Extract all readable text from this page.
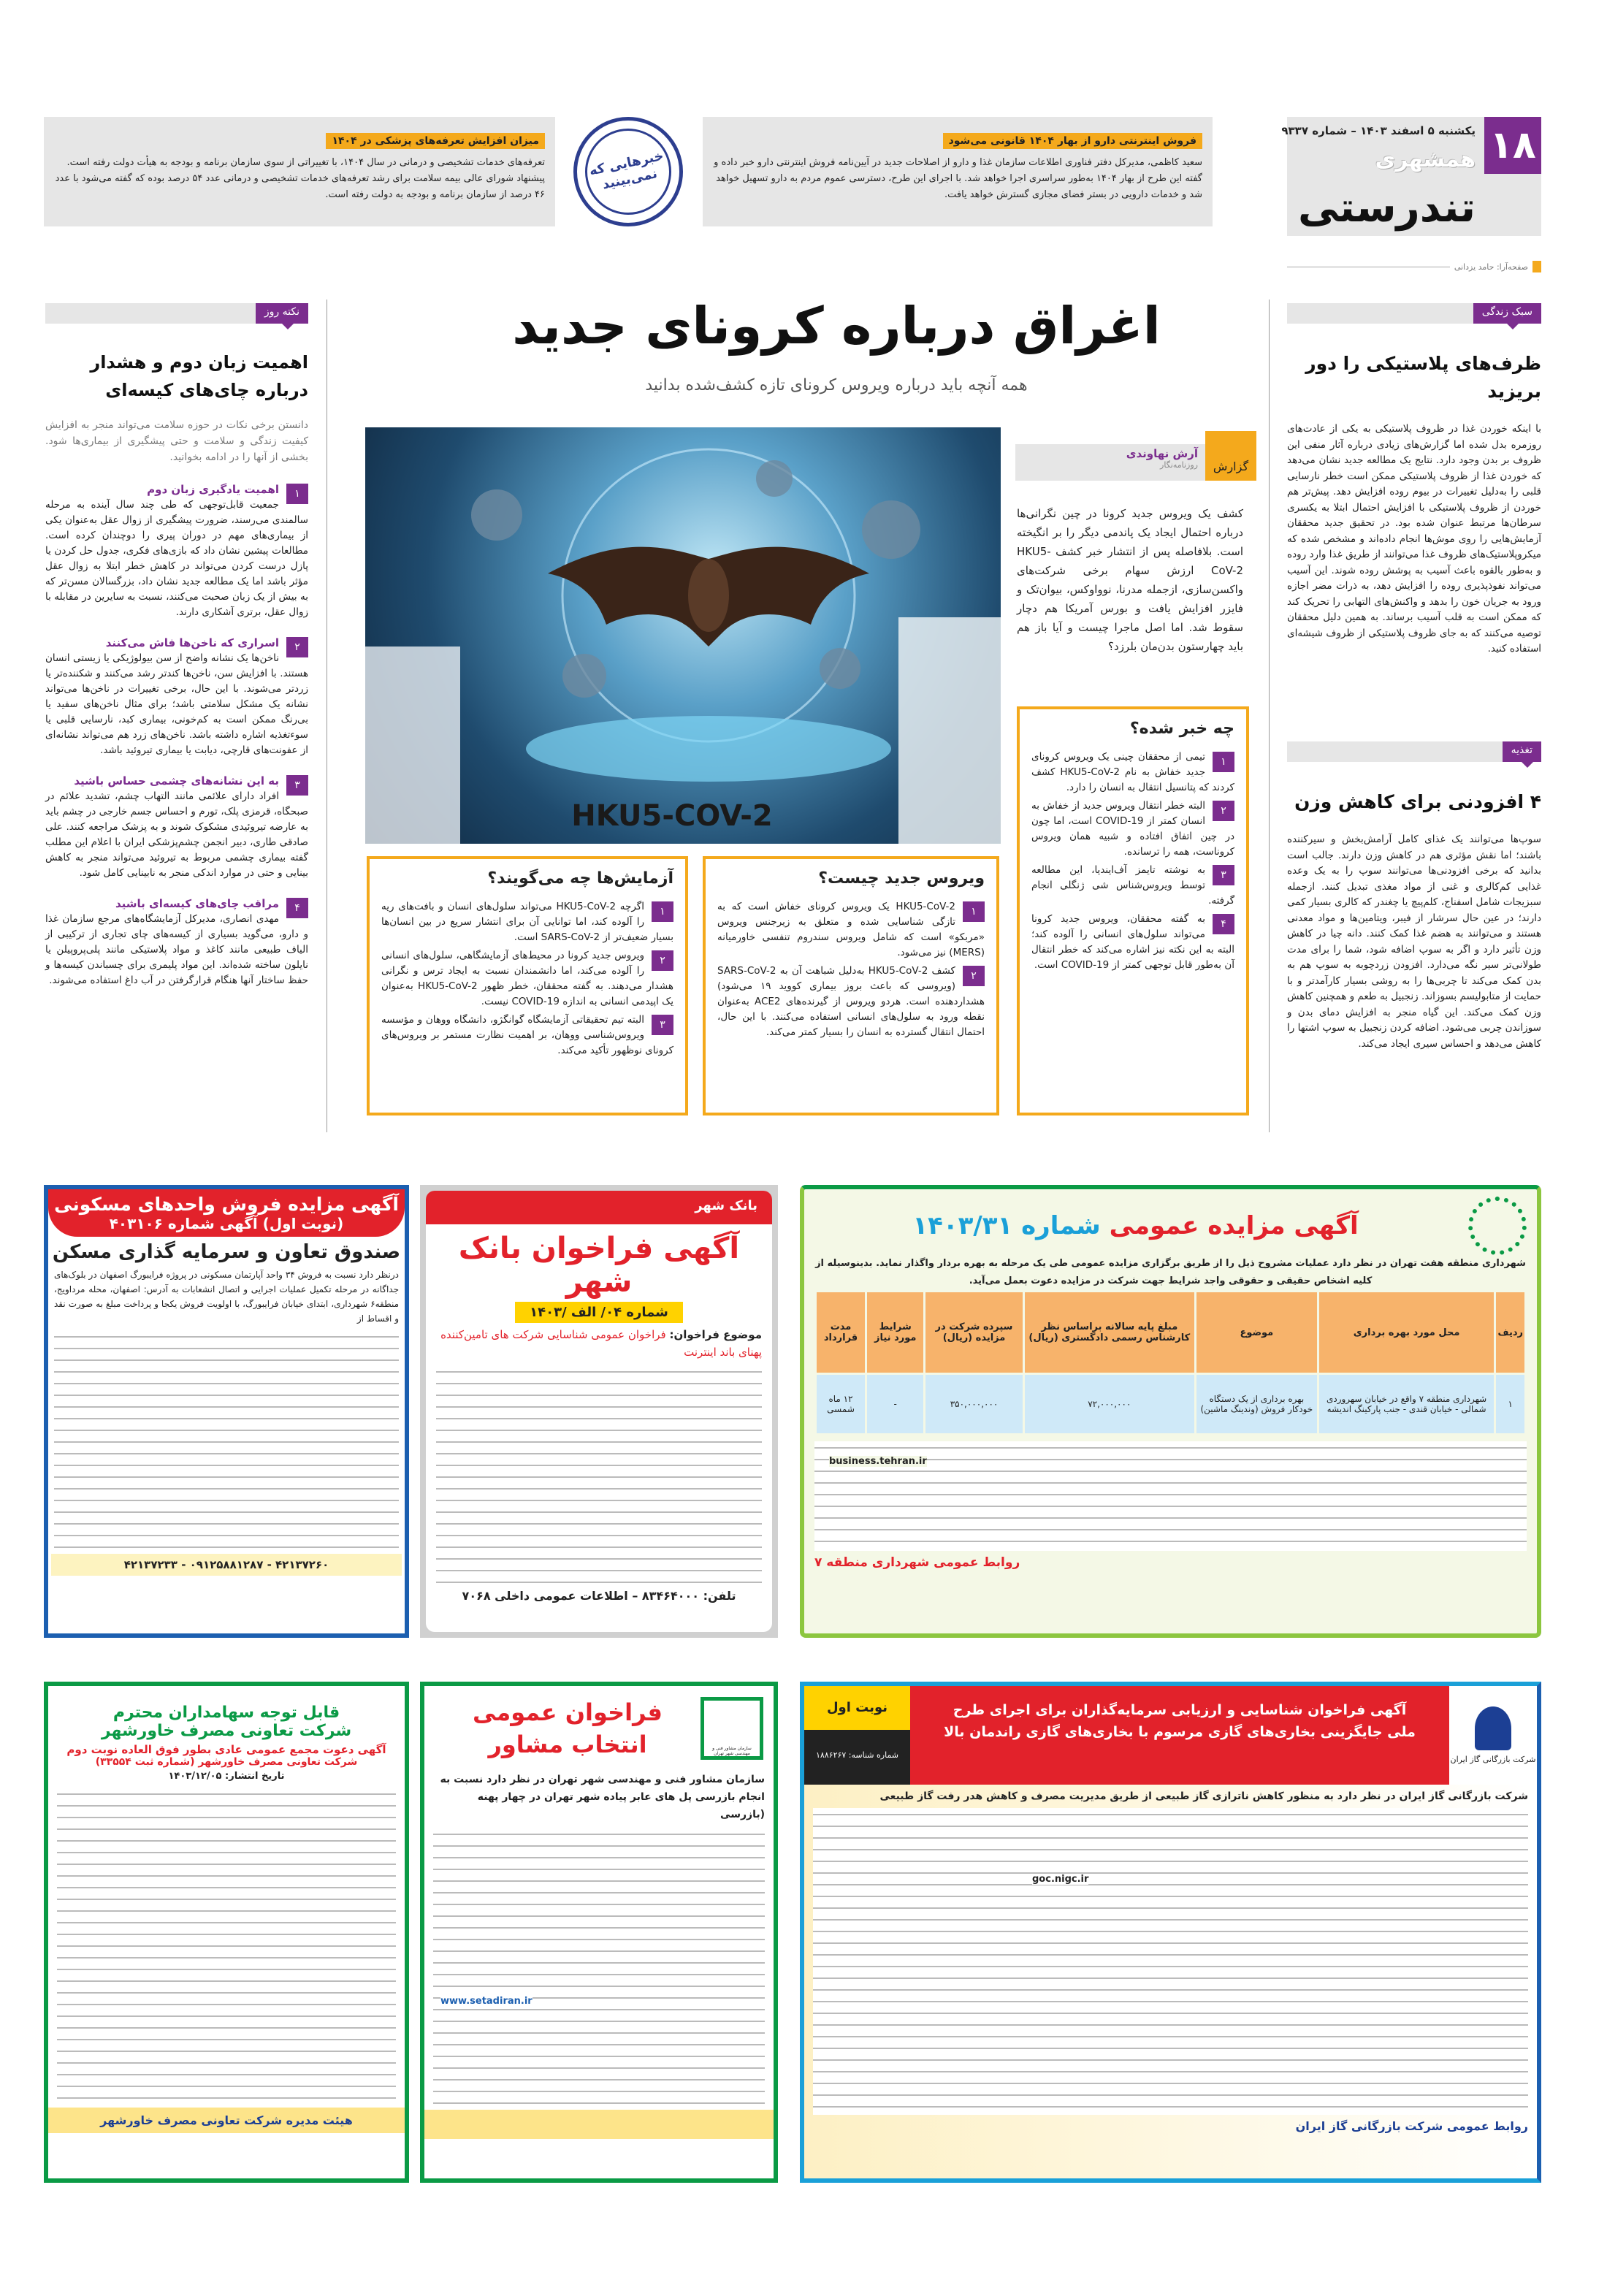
۱۸
یکشنبه ۵ اسفند ۱۴۰۳ – شماره ۹۳۳۷
همشهری
تندرستی
صفحه‌آرا: حامد یزدانی
فروش اینترنتی دارو از بهار ۱۴۰۴ قانونی می‌شود

سعید کاظمی، مدیرکل دفتر فناوری اطلاعات سازمان غذا و دارو از اصلاحات جدید در آیین‌نامه فروش اینترنتی دارو خبر داده و گفته این طرح از بهار ۱۴۰۴ به‌طور سراسری اجرا خواهد شد. با اجرای این طرح، دسترسی عموم مردم به دارو تسهیل خواهد شد و خدمات دارویی در بستر فضای مجازی گسترش خواهد یافت.

خبرهایی که نمی‌بینید
میزان افزایش تعرفه‌های پزشکی در ۱۴۰۴

تعرفه‌های خدمات تشخیصی و درمانی در سال ۱۴۰۴، با تغییراتی از سوی سازمان برنامه و بودجه به هیأت دولت رفته است. پیشنهاد شورای عالی بیمه سلامت برای رشد تعرفه‌های خدمات تشخیصی و درمانی عدد ۵۴ درصد بوده که گفته می‌شود با عدد ۴۶ درصد از سازمان برنامه و بودجه به دولت رفته است.

سبک زندگی
ظرف‌های پلاستیکی را دور بریزید

با اینکه خوردن غذا در ظروف پلاستیکی به یکی از عادت‌های روزمره بدل شده اما گزارش‌های زیادی درباره آثار منفی این ظروف بر بدن وجود دارد. نتایج یک مطالعه جدید نشان می‌دهد که خوردن غذا از ظروف پلاستیکی ممکن است خطر نارسایی قلبی را به‌دلیل تغییرات در بیوم روده افزایش دهد. پیش‌تر هم خوردن از ظروف پلاستیکی با افزایش احتمال ابتلا به یکسری سرطان‌ها مرتبط عنوان شده بود. در تحقیق جدید محققان آزمایش‌هایی را روی موش‌ها انجام داده‌اند و مشخص شده که میکروپلاستیک‌های ظروف غذا می‌توانند از طریق غذا وارد روده و به‌طور بالقوه باعث آسیب به پوشش روده شوند. این آسیب می‌تواند نفوذپذیری روده را افزایش دهد، به ذرات مضر اجازه ورود به جریان خون را بدهد و واکنش‌های التهابی را تحریک کند که ممکن است به قلب آسیب برساند. به همین دلیل محققان توصیه می‌کنند که به جای ظروف پلاستیکی از ظروف شیشه‌ای استفاده کنید.

تغذیه
۴ افزودنی برای کاهش وزن

سوپ‌ها می‌توانند یک غذای کامل آرامش‌بخش و سیرکننده باشند؛ اما نقش مؤثری هم در کاهش وزن دارند. جالب است بدانید که برخی افزودنی‌ها می‌توانند سوپ را به یک وعده غذایی کم‌کالری و غنی از مواد مغذی تبدیل کنند. ازجمله سبزیجات شامل اسفناج، کلم‌پیچ یا چغندر که کالری بسیار کمی دارند؛ در عین حال سرشار از فیبر، ویتامین‌ها و مواد معدنی هستند و می‌توانند به هضم غذا کمک کنند. دانه چیا در کاهش وزن تأثیر دارد و اگر به سوپ اضافه شود، شما را برای مدت طولانی‌تر سیر نگه می‌دارد. افزودن زردچوبه به سوپ هم به بدن کمک می‌کند تا چربی‌ها را به روشی بسیار کارآمدتر و با حمایت از متابولیسم بسوزاند. زنجبیل به طعم و همچنین کاهش وزن کمک می‌کند. این گیاه منجر به افزایش دمای بدن و سوزاندن چربی می‌شود. اضافه کردن زنجبیل به سوپ اشتها را کاهش می‌دهد و احساس سیری ایجاد می‌کند.

اغراق درباره کرونای جدید
همه آنچه باید درباره ویروس کرونای تازه کشف‌شده بدانید
HKU5-COV-2
گزارش
آرش نهاوندی
روزنامه‌نگار

کشف یک ویروس جدید کرونا در چین نگرانی‌ها درباره احتمال ایجاد یک پاندمی دیگر را بر انگیخته است. بلافاصله پس از انتشار خبر کشف HKU5-CoV-2 ارزش سهام برخی شرکت‌های واکسن‌سازی، ازجمله مدرنا، نوواوکس، بیوان‌تک و فایزر افزایش یافت و بورس آمریکا هم دچار سقوط شد. اما اصل ماجرا چیست و آیا باز هم باید چهارستون بدن‌مان بلرزد؟

چه خبر شده؟
۱
تیمی از محققان چینی یک ویروس کرونای جدید خفاش به نام HKU5-CoV-2 کشف کردند که پتانسیل انتقال به انسان را دارد.
۲
البته خطر انتقال ویروس جدید از خفاش به انسان کمتر از COVID-19 است، اما چون در چین اتفاق افتاده و شبیه همان ویروس کروناست، همه را ترسانده.
۳
به نوشته تایمز آف‌ایندیا، این مطالعه توسط ویروس‌شناس شی ژنگلی انجام گرفته.
۴
به گفته محققان، ویروس جدید کرونا می‌تواند سلول‌های انسانی را آلوده کند؛ البته به این نکته نیز اشاره می‌کند که خطر انتقال آن به‌طور قابل توجهی کمتر از COVID-19 است.
ویروس جدید چیست؟
۱
HKU5-CoV-2 یک ویروس کرونای خفاش است که به تازگی شناسایی شده و متعلق به زیرجنس ویروس «مربکو» است که شامل ویروس سندروم تنفسی خاورمیانه (MERS) نیز می‌شود.
۲
کشف HKU5-CoV-2 به‌دلیل شباهت آن به SARS-CoV-2 (ویروسی که باعث بروز بیماری کووید ۱۹ می‌شود) هشداردهنده است. هردو ویروس از گیرنده‌های ACE2 به‌عنوان نقطه ورود به سلول‌های انسانی استفاده می‌کنند. با این حال، احتمال انتقال گسترده به انسان را بسیار کمتر می‌کند.
آزمایش‌ها چه می‌گویند؟
۱
اگرچه HKU5-CoV-2 می‌تواند سلول‌های انسان و بافت‌های ریه را آلوده کند، اما توانایی آن برای انتشار سریع در بین انسان‌ها بسیار ضعیف‌تر از SARS-CoV-2 است.
۲
ویروس جدید کرونا در محیط‌های آزمایشگاهی، سلول‌های انسانی را آلوده می‌کند، اما دانشمندان نسبت به ایجاد ترس و نگرانی هشدار می‌دهند. به گفته محققان، خطر ظهور HKU5-CoV-2 به‌عنوان یک اپیدمی انسانی به اندازه COVID-19 نیست.
۳
البته تیم تحقیقاتی آزمایشگاه گوانگژو، دانشگاه ووهان و مؤسسه ویروس‌شناسی ووهان، بر اهمیت نظارت مستمر بر ویروس‌های کرونای نوظهور تأکید می‌کند.
نکته روز
اهمیت زبان دوم و هشدار درباره چای‌های کیسه‌ای

دانستن برخی نکات در حوزه سلامت می‌تواند منجر به افزایش کیفیت زندگی و سلامت و حتی پیشگیری از بیماری‌ها شود. بخشی از آنها را در ادامه بخوانید.

۱
اهمیت یادگیری زبان دوم
جمعیت قابل‌توجهی که طی چند سال آینده به مرحله سالمندی می‌رسند، ضرورت پیشگیری از زوال عقل به‌عنوان یکی از بیماری‌های مهم در دوران پیری را دوچندان کرده است. مطالعات پیشین نشان داد که بازی‌های فکری، جدول حل کردن یا پازل درست کردن می‌تواند در کاهش خطر ابتلا به زوال عقل مؤثر باشد اما یک مطالعه جدید نشان داد، بزرگسالان مسن‌تر که به بیش از یک زبان صحبت می‌کنند، نسبت به سایرین در مقابله با زوال عقل، برتری آشکاری دارند.
۲
اسراری که ناخن‌ها فاش می‌کنند
ناخن‌ها یک نشانه واضح از سن بیولوژیکی یا زیستی انسان هستند. با افزایش سن، ناخن‌ها کندتر رشد می‌کنند و شکننده‌تر یا زردتر می‌شوند. با این حال، برخی تغییرات در ناخن‌ها می‌تواند نشانه یک مشکل سلامتی باشد؛ برای مثال ناخن‌های سفید یا بی‌رنگ ممکن است به کم‌خونی، بیماری کبد، نارسایی قلبی یا سوءتغذیه اشاره داشته باشد. ناخن‌های زرد هم می‌تواند نشانه‌ای از عفونت‌های قارچی، دیابت یا بیماری تیروئید باشد.
۳
به این نشانه‌های چشمی حساس باشید
افراد دارای علائمی مانند التهاب چشم، تشدید علائم در صبحگاه، قرمزی پلک، تورم و احساس جسم خارجی در چشم باید به عارضه تیروئیدی مشکوک شوند و به پزشک مراجعه کنند. علی صادقی طاری، دبیر انجمن چشم‌پزشکی ایران با اعلام این مطلب گفته بیماری چشمی مربوط به تیروئید می‌تواند منجر به کاهش بینایی و حتی در موارد اندکی منجر به نابینایی کامل شود.
۴
مراقب چای‌های کیسه‌ای باشید
مهدی انصاری، مدیرکل آزمایشگاه‌های مرجع سازمان غذا و دارو، می‌گوید بسیاری از کیسه‌های چای تجاری از ترکیبی از الیاف طبیعی مانند کاغذ و مواد پلاستیکی مانند پلی‌پروپیلن یا نایلون ساخته شده‌اند. این مواد پلیمری برای چسباندن کیسه‌ها و حفظ ساختار آنها هنگام قرارگرفتن در آب داغ استفاده می‌شوند.
آگهی مزایده عمومی شماره ۱۴۰۳/۳۱

شهرداری منطقه هفت تهران در نظر دارد عملیات مشروح ذیل را از طریق برگزاری مزایده عمومی طی یک مرحله به بهره بردار واگذار نماید. بدینوسیله از کلیه اشخاص حقیقی و حقوقی واجد شرایط جهت شرکت در مزایده دعوت بعمل می‌آید.

ردیف	محل مورد بهره برداری	موضوع	مبلغ پایه سالانه براساس نظر کارشناس رسمی دادگستری (ریال)	سپرده شرکت در مزایده (ریال)	شرایط مورد نیاز	مدت قرارداد
۱	شهرداری منطقه ۷ واقع در خیابان سهروردی شمالی - خیابان قندی - جنب پارکینگ اندیشه	بهره برداری از یک دستگاه خودکار فروش (وندینگ ماشین)	۷۲,۰۰۰,۰۰۰	۳۵۰,۰۰۰,۰۰۰	-	۱۲ ماه شمسی
business.tehran.ir
روابط عمومی شهرداری منطقه ۷
بانک شهر
آگهی فراخوان بانک شهر
شماره ۰۴/ الف /۱۴۰۳

موضوع فراخوان: فراخوان عمومی شناسایی شرکت های تامین‌کننده پهنای باند اینترنت

تلفن: ۸۳۴۶۴۰۰۰ – اطلاعات عمومی داخلی ۷۰۶۸
آگهی مزایده فروش واحدهای مسکونی
(نوبت اول) آگهی شماره ۴۰۳۱۰۶
صندوق تعاون و سرمایه گذاری مسکن

درنظر دارد نسبت به فروش ۳۴ واحد آپارتمان مسکونی در پروژه فرایبورگ اصفهان در بلوک‌های جداگانه در مرحله تکمیل عملیات اجرایی و اتصال انشعابات به آدرس: اصفهان، محله مرداویج، منطقه۶ شهرداری، ابتدای خیابان فرایبورگ، با اولویت فروش یکجا و پرداخت مبلغ به صورت نقد و اقساط از

۴۲۱۳۷۲۶۰ - ۰۹۱۲۵۸۸۱۲۸۷ - ۴۲۱۳۷۲۳۳
شرکت بازرگانی گاز ایران
آگهی فراخوان شناسایی و ارزیابی سرمایه‌گذاران برای اجرای طرح ملی جایگزینی بخاری‌های گازی مرسوم با بخاری‌های گازی راندمان بالا
نوبت اول
شماره شناسه: ۱۸۸۶۲۶۷

شرکت بازرگانی گاز ایران در نظر دارد به منظور کاهش ناترازی گاز طبیعی از طریق مدیریت مصرف و کاهش هدر رفت گاز طبیعی

goc.nigc.ir
روابط عمومی شرکت بازرگانی گاز ایران
سازمان مشاور فنی و مهندسی شهر تهران
فراخوان عمومی
انتخاب مشاور

سازمان مشاور فنی و مهندسی شهر تهران در نظر دارد نسبت به انجام بازرسی پل های عابر پیاده شهر تهران در چهار پهنه (بازرسی

www.setadiran.ir
قابل توجه سهامداران محترم
شرکت تعاونی مصرف خاورشهر
آگهی دعوت مجمع عمومی عادی بطور فوق العاده نوبت دوم
شرکت تعاونی مصرف خاورشهر (شماره ثبت ۳۳۵۵۴)
تاریخ انتشار: ۱۴۰۳/۱۲/۰۵
هیئت مدیره شرکت تعاونی مصرف خاورشهر
